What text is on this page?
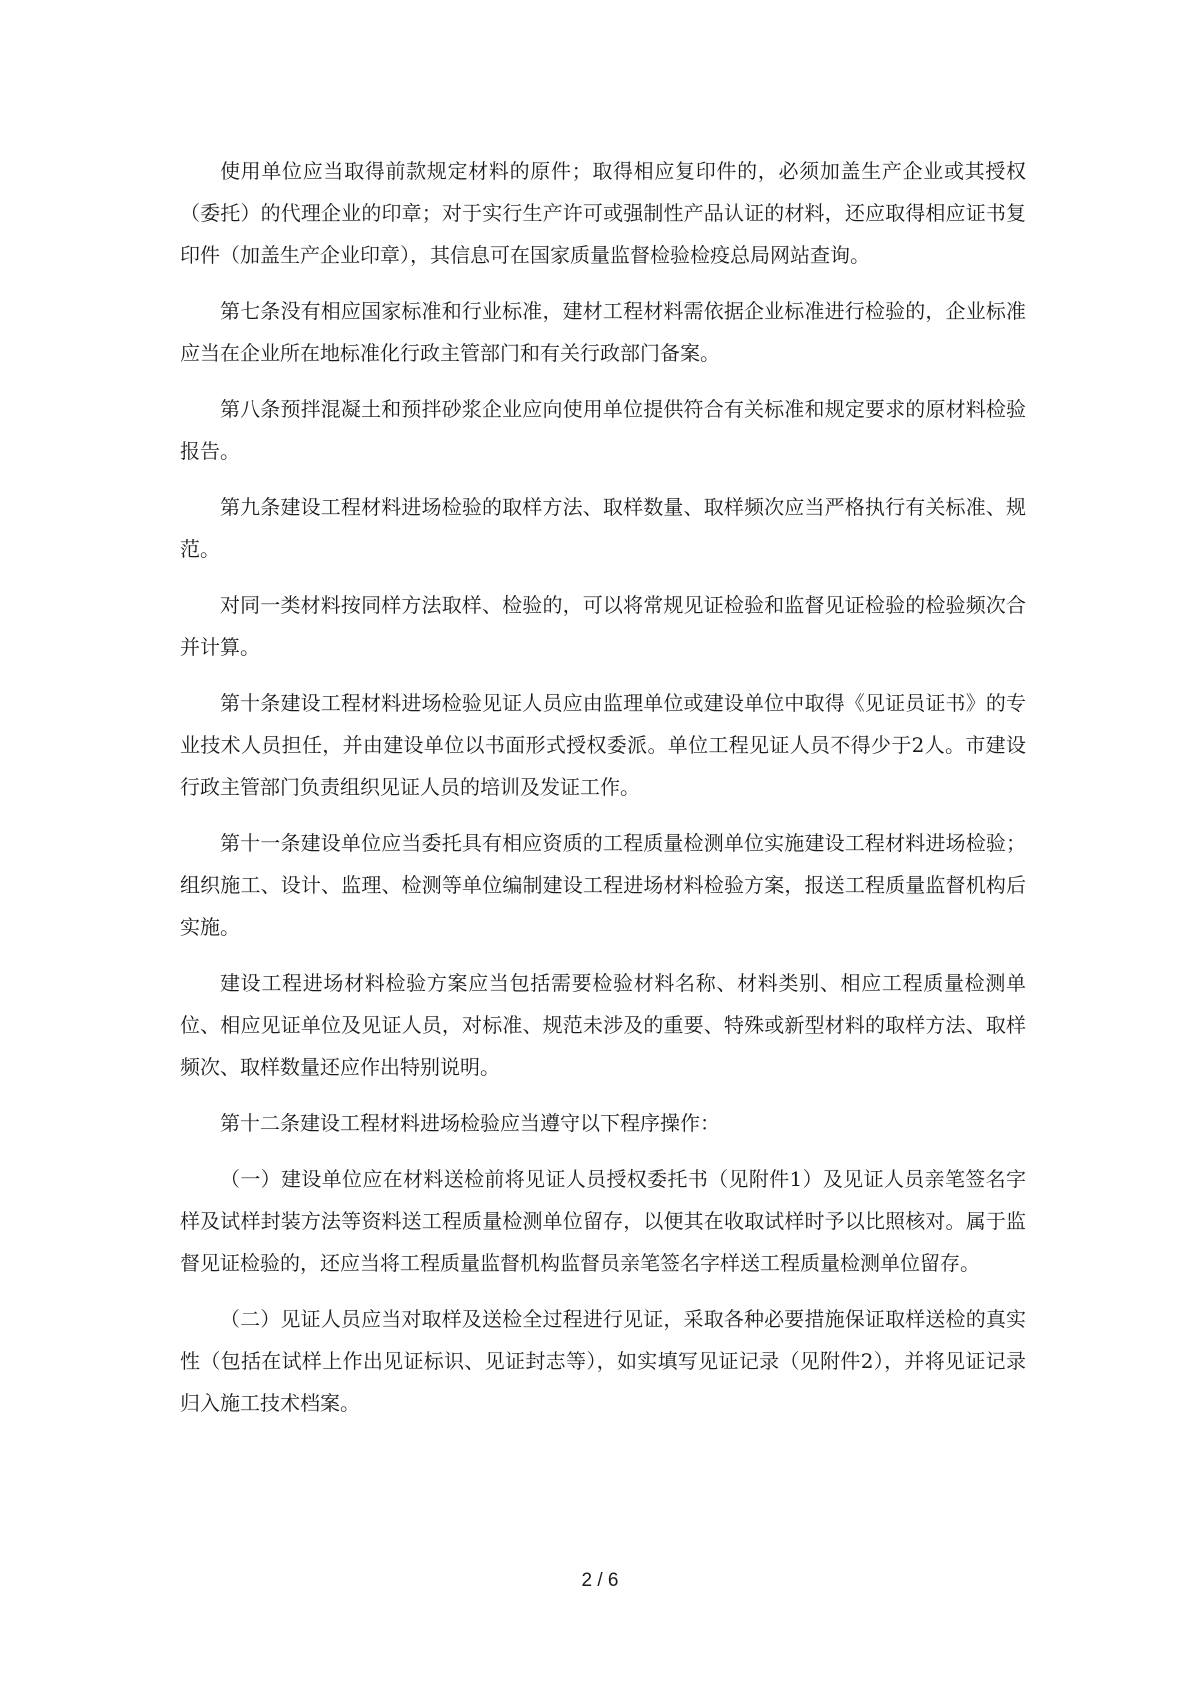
使用单位应当取得前款规定材料的原件；取得相应复印件的，必须加盖生产企业或其授权（委托）的代理企业的印章；对于实行生产许可或强制性产品认证的材料，还应取得相应证书复印件（加盖生产企业印章），其信息可在国家质量监督检验检疫总局网站查询。

第七条没有相应国家标准和行业标准，建材工程材料需依据企业标准进行检验的，企业标准应当在企业所在地标准化行政主管部门和有关行政部门备案。

第八条预拌混凝土和预拌砂浆企业应向使用单位提供符合有关标准和规定要求的原材料检验报告。

第九条建设工程材料进场检验的取样方法、取样数量、取样频次应当严格执行有关标准、规范。

对同一类材料按同样方法取样、检验的，可以将常规见证检验和监督见证检验的检验频次合并计算。

第十条建设工程材料进场检验见证人员应由监理单位或建设单位中取得《见证员证书》的专业技术人员担任，并由建设单位以书面形式授权委派。单位工程见证人员不得少于2人。市建设行政主管部门负责组织见证人员的培训及发证工作。

第十一条建设单位应当委托具有相应资质的工程质量检测单位实施建设工程材料进场检验；组织施工、设计、监理、检测等单位编制建设工程进场材料检验方案，报送工程质量监督机构后实施。

建设工程进场材料检验方案应当包括需要检验材料名称、材料类别、相应工程质量检测单位、相应见证单位及见证人员，对标准、规范未涉及的重要、特殊或新型材料的取样方法、取样频次、取样数量还应作出特别说明。

第十二条建设工程材料进场检验应当遵守以下程序操作：

（一）建设单位应在材料送检前将见证人员授权委托书（见附件1）及见证人员亲笔签名字样及试样封装方法等资料送工程质量检测单位留存，以便其在收取试样时予以比照核对。属于监督见证检验的，还应当将工程质量监督机构监督员亲笔签名字样送工程质量检测单位留存。

（二）见证人员应当对取样及送检全过程进行见证，采取各种必要措施保证取样送检的真实性（包括在试样上作出见证标识、见证封志等），如实填写见证记录（见附件2），并将见证记录归入施工技术档案。

2 / 6
